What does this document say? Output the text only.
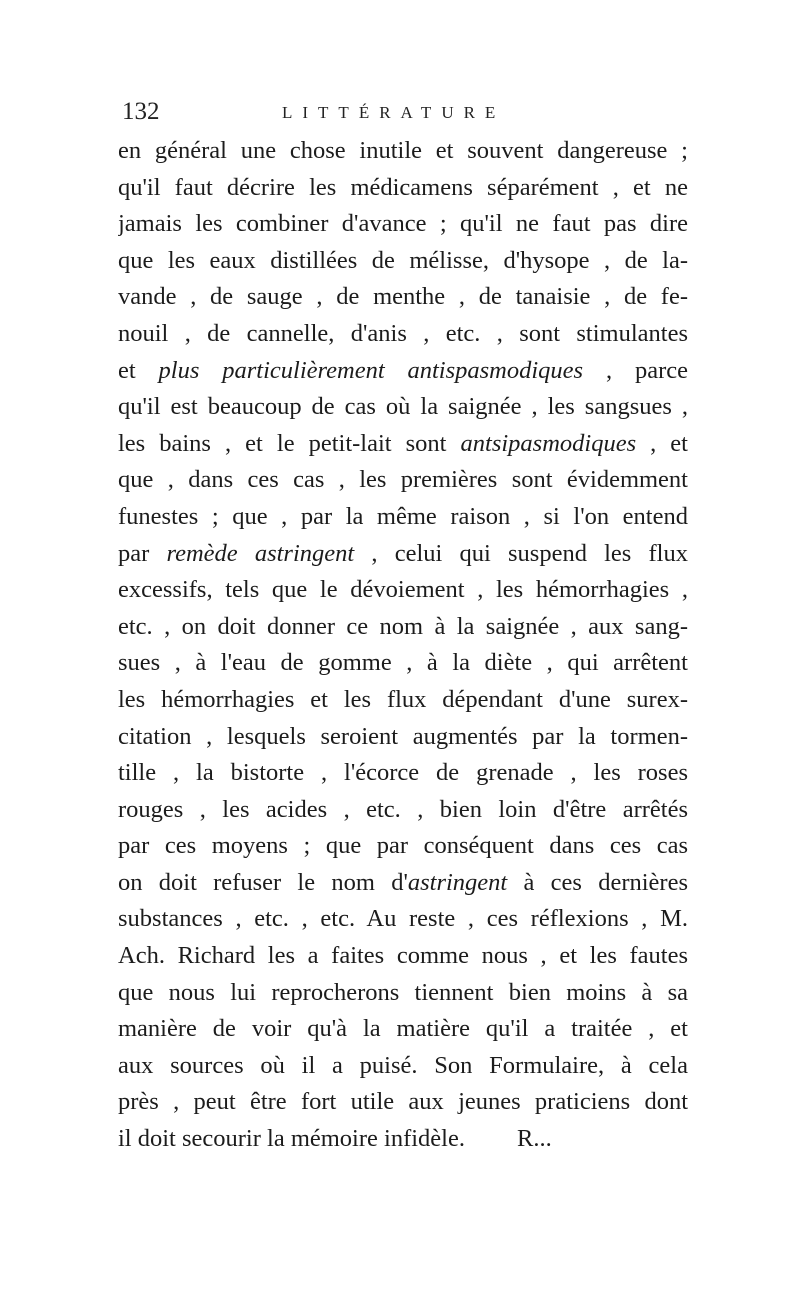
132	LITTÉRATURE
en général une chose inutile et souvent dangereuse ;
qu'il faut décrire les médicamens séparément , et ne
jamais les combiner d'avance ; qu'il ne faut pas dire
que les eaux distillées de mélisse, d'hysope , de la-
vande , de sauge , de menthe , de tanaisie , de fe-
nouil , de cannelle, d'anis , etc. , sont stimulantes
et plus particulièrement antispasmodiques , parce
qu'il est beaucoup de cas où la saignée , les sangsues ,
les bains , et le petit-lait sont antsipasmodiques , et
que , dans ces cas , les premières sont évidemment
funestes ; que , par la même raison , si l'on entend
par remède astringent , celui qui suspend les flux
excessifs, tels que le dévoiement , les hémorrhagies ,
etc. , on doit donner ce nom à la saignée , aux sang-
sues , à l'eau de gomme , à la diète , qui arrêtent
les hémorrhagies et les flux dépendant d'une surex-
citation , lesquels seroient augmentés par la tormen-
tille , la bistorte , l'écorce de grenade , les roses
rouges , les acides , etc. , bien loin d'être arrêtés
par ces moyens ; que par conséquent dans ces cas
on doit refuser le nom d'astringent à ces dernières
substances , etc. , etc. Au reste , ces réflexions , M.
Ach. Richard les a faites comme nous , et les fautes
que nous lui reprocherons tiennent bien moins à sa
manière de voir qu'à la matière qu'il a traitée , et
aux sources où il a puisé. Son Formulaire, à cela
près , peut être fort utile aux jeunes praticiens dont
il doit secourir la mémoire infidèle. R...
